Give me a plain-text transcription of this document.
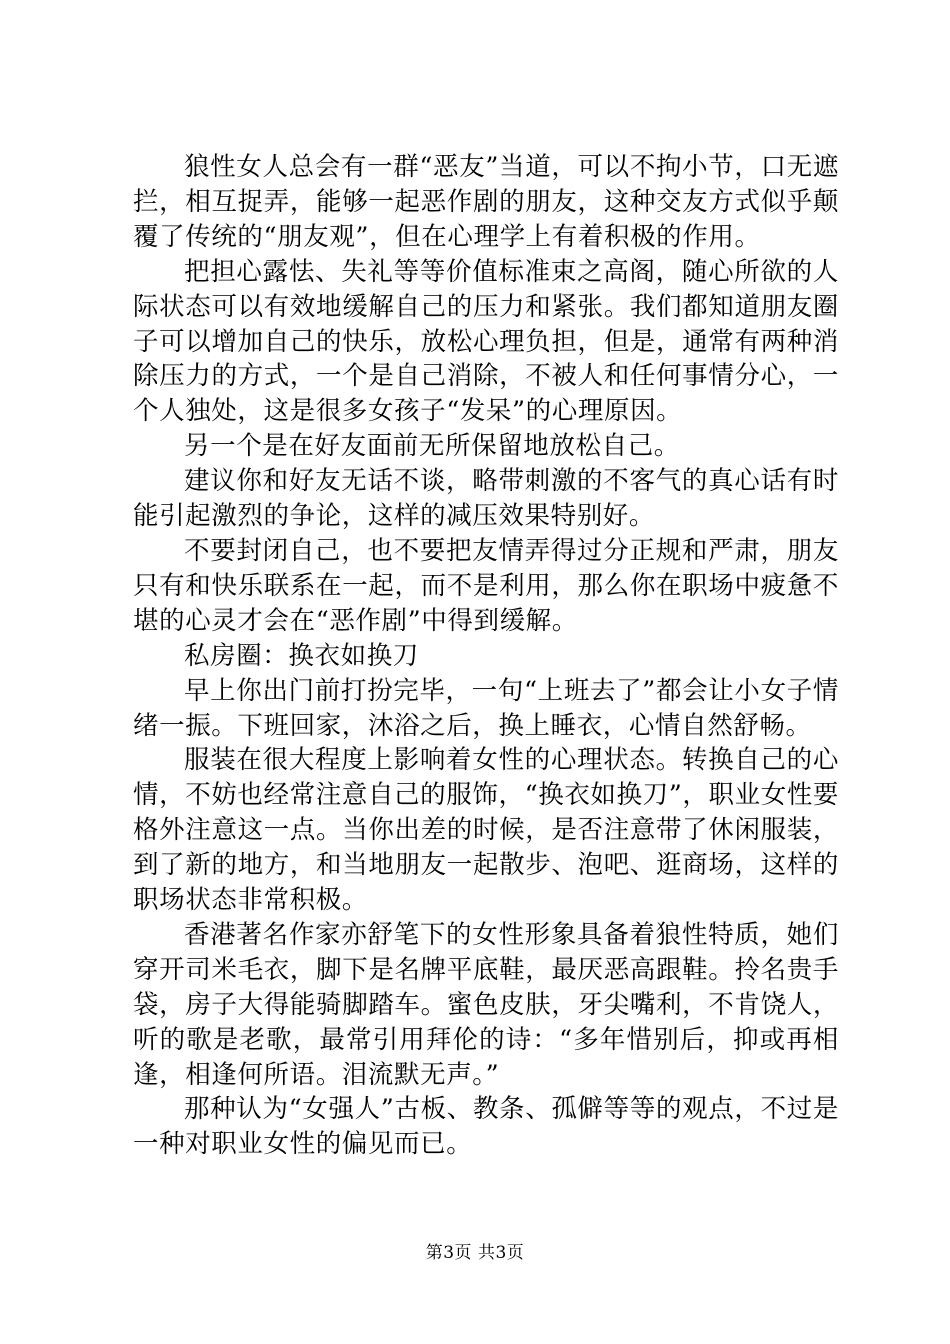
狼性女人总会有一群“恶友”当道，可以不拘小节，口无遮拦，相互捉弄，能够一起恶作剧的朋友，这种交友方式似乎颠覆了传统的“朋友观”，但在心理学上有着积极的作用。

把担心露怯、失礼等等价值标准束之高阁，随心所欲的人际状态可以有效地缓解自己的压力和紧张。我们都知道朋友圈子可以增加自己的快乐，放松心理负担，但是，通常有两种消除压力的方式，一个是自己消除，不被人和任何事情分心，一个人独处，这是很多女孩子“发呆”的心理原因。

另一个是在好友面前无所保留地放松自己。

建议你和好友无话不谈，略带刺激的不客气的真心话有时能引起激烈的争论，这样的减压效果特别好。

不要封闭自己，也不要把友情弄得过分正规和严肃，朋友只有和快乐联系在一起，而不是利用，那么你在职场中疲惫不堪的心灵才会在“恶作剧”中得到缓解。

私房圈：换衣如换刀

早上你出门前打扮完毕，一句“上班去了”都会让小女子情绪一振。下班回家，沐浴之后，换上睡衣，心情自然舒畅。

服装在很大程度上影响着女性的心理状态。转换自己的心情，不妨也经常注意自己的服饰，“换衣如换刀”，职业女性要格外注意这一点。当你出差的时候，是否注意带了休闲服装，到了新的地方，和当地朋友一起散步、泡吧、逛商场，这样的职场状态非常积极。

香港著名作家亦舒笔下的女性形象具备着狼性特质，她们穿开司米毛衣，脚下是名牌平底鞋，最厌恶高跟鞋。拎名贵手袋，房子大得能骑脚踏车。蜜色皮肤，牙尖嘴利，不肯饶人，听的歌是老歌，最常引用拜伦的诗：“多年惜别后，抑或再相逢，相逢何所语。泪流默无声。”

那种认为“女强人”古板、教条、孤僻等等的观点，不过是一种对职业女性的偏见而已。

第3页 共3页
